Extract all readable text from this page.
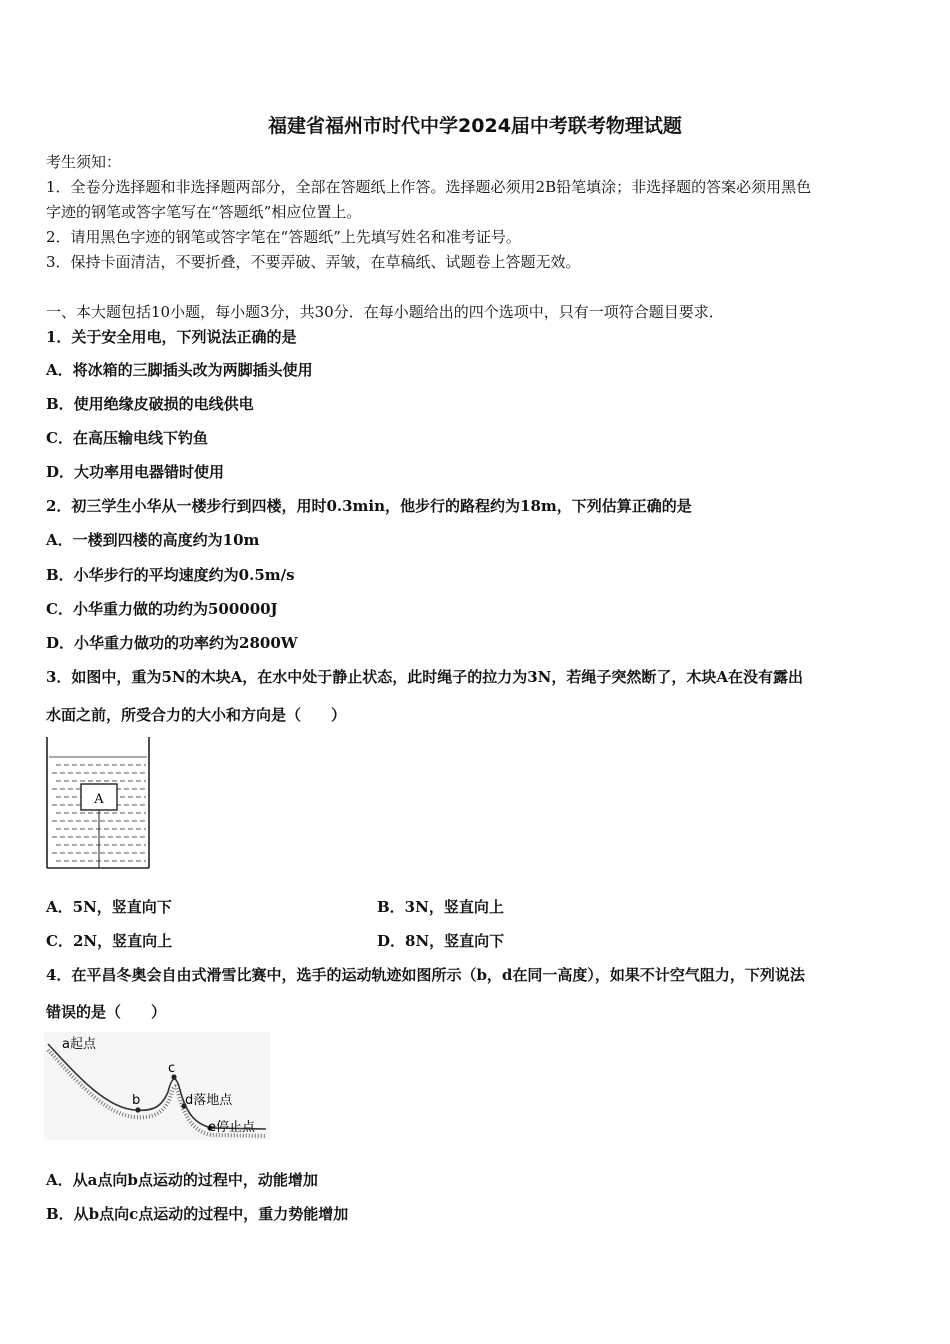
福建省福州市时代中学2024届中考联考物理试题
考生须知：
1．全卷分选择题和非选择题两部分，全部在答题纸上作答。选择题必须用2B铅笔填涂；非选择题的答案必须用黑色
字迹的钢笔或答字笔写在“答题纸”相应位置上。
2．请用黑色字迹的钢笔或答字笔在“答题纸”上先填写姓名和准考证号。
3．保持卡面清洁，不要折叠，不要弄破、弄皱，在草稿纸、试题卷上答题无效。
一、本大题包括10小题，每小题3分，共30分．在每小题给出的四个选项中，只有一项符合题目要求．
1．关于安全用电，下列说法正确的是
A．将冰箱的三脚插头改为两脚插头使用
B．使用绝缘皮破损的电线供电
C．在高压输电线下钓鱼
D．大功率用电器错时使用
2．初三学生小华从一楼步行到四楼，用时0.3min，他步行的路程约为18m，下列估算正确的是
A．一楼到四楼的高度约为10m
B．小华步行的平均速度约为0.5m/s
C．小华重力做的功约为500000J
D．小华重力做功的功率约为2800W
3．如图中，重为5N的木块A，在水中处于静止状态，此时绳子的拉力为3N，若绳子突然断了，木块A在没有露出
水面之前，所受合力的大小和方向是（　　）
A
A．5N，竖直向下	B．3N，竖直向上
C．2N，竖直向上	D．8N，竖直向下
4．在平昌冬奥会自由式滑雪比赛中，选手的运动轨迹如图所示（b，d在同一高度），如果不计空气阻力，下列说法
错误的是（　　）
a起点
b
c
d落地点
e停止点
A．从a点向b点运动的过程中，动能增加
B．从b点向c点运动的过程中，重力势能增加
